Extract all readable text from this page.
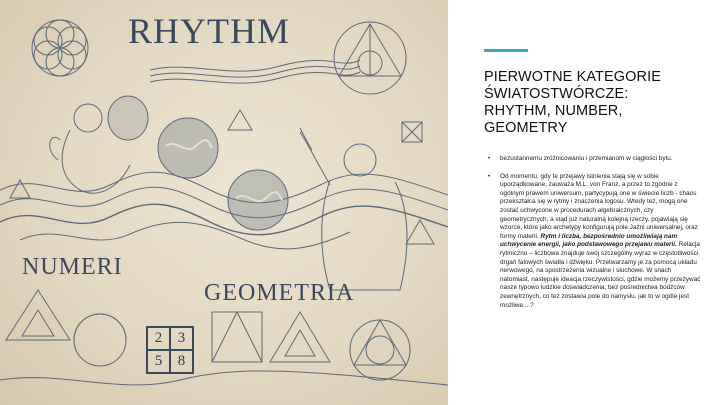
RHYTHM
NUMERI
GEOMETRIA
2	3
5	8
PIERWOTNE KATEGORIE ŚWIATOSTWÓRCZE: RHYTHM, NUMBER, GEOMETRY
• bezustannemu zróżnicowaniu i przemianom w ciągłości bytu.
• Od momentu, gdy te przejawy istnienia stają się w sobie uporządkowane, zauważa M.L. von Franz, a przez to zgodne z ogólnym prawem uniwersum, partycypują one w świecie liczb - chaos przekształca się w rytmy i znaczenia logosu. Wtedy też, mogą one zostać uchwycone w procedurach algebraicznych, czy geometrycznych, a stąd już naturalną kolejną rzeczy, pojawiają się wzorce, które jako archetypy konfigurują pole Jaźni uniwersalnej, oraz formy materii. Rytm i liczba, bezpośrednio umożliwiają nam uchwycenie energii, jako podstawowego przejawu materii. Relacja rytmiczno – liczbowa znajduje swój szczególny wyraz w częstotliwości drgań falowych światła i dźwięku. Przetwarzamy je za pomocą układu nerwowego, na spostrzeżenia wizualne i słuchowe. W snach natomiast, następuje ideacja rzeczywistości, gdzie możemy przeżywać nasze typowo ludzkie doświadczenia, bez pośrednictwa bodźców zewnętrznych, co też zostawia pole do namysłu, jak to w ogóle jest możliwe....?
